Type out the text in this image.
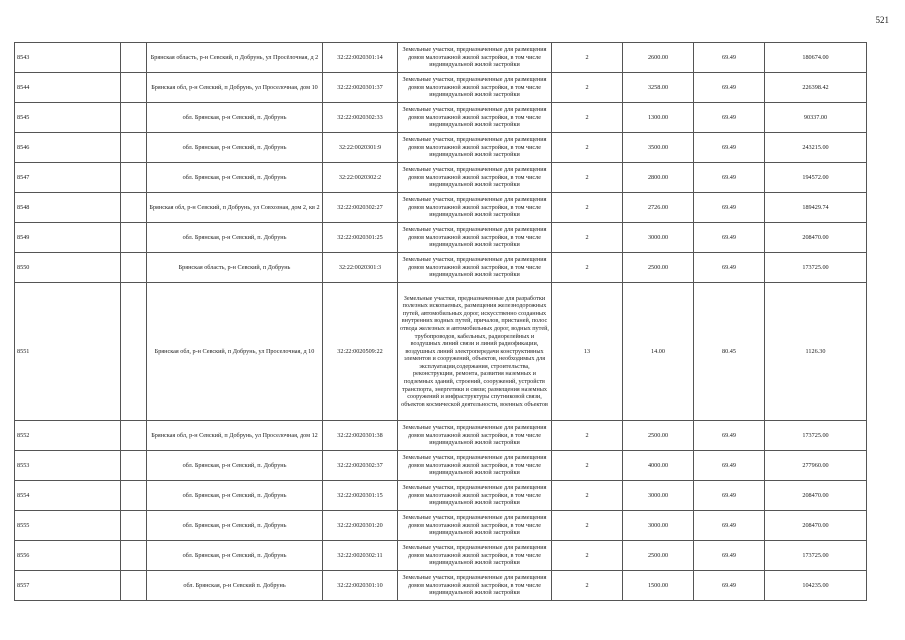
521
8543		Брянская область, р-н Севский, п Добрунь, ул Просёлочная, д 2	32:22:0020301:14	Земельные участки, предназначенные для размещения домов малоэтажной жилой застройки, в том числе индивидуальной жилой застройки	2	2600.00	69.49	180674.00
8544		Брянская обл, р-н Севский, п Добрунь, ул Проселочная, дом 10	32:22:0020301:37	Земельные участки, предназначенные для размещения домов малоэтажной жилой застройки, в том числе индивидуальной жилой застройки	2	3258.00	69.49	226398.42
8545		обл. Брянская, р-н Севский, п. Добрунь	32:22:0020302:33	Земельные участки, предназначенные для размещения домов малоэтажной жилой застройки, в том числе индивидуальной жилой застройки	2	1300.00	69.49	90337.00
8546		обл. Брянская, р-н Севский, п. Добрунь	32:22:0020301:9	Земельные участки, предназначенные для размещения домов малоэтажной жилой застройки, в том числе индивидуальной жилой застройки	2	3500.00	69.49	243215.00
8547		обл. Брянская, р-н Севский, п. Добрунь	32:22:0020302:2	Земельные участки, предназначенные для размещения домов малоэтажной жилой застройки, в том числе индивидуальной жилой застройки	2	2800.00	69.49	194572.00
8548		Брянская обл, р-н Севский, п Добрунь, ул Совхозная, дом 2, кв 2	32:22:0020302:27	Земельные участки, предназначенные для размещения домов малоэтажной жилой застройки, в том числе индивидуальной жилой застройки	2	2726.00	69.49	189429.74
8549		обл. Брянская, р-н Севский, п. Добрунь	32:22:0020301:25	Земельные участки, предназначенные для размещения домов малоэтажной жилой застройки, в том числе индивидуальной жилой застройки	2	3000.00	69.49	208470.00
8550		Брянская область, р-н Севский, п Добрунь	32:22:0020301:3	Земельные участки, предназначенные для размещения домов малоэтажной жилой застройки, в том числе индивидуальной жилой застройки	2	2500.00	69.49	173725.00
8551		Брянская обл, р-н Севский, п Добрунь, ул Проселочная, д 10	32:22:0020509:22	Земельные участки, предназначенные для разработки полезных ископаемых, размещения железнодорожных путей, автомобильных дорог, искусственно созданных внутренних водных путей, причалов, пристаней, полос отвода железных и автомобильных дорог, водных путей, трубопроводов, кабельных, радиорелейных и воздушных линий связи и линий радиофикации, воздушных линий электропередачи конструктивных элементов и сооружений, объектов, необходимых для эксплуатации,содержания, строительства, реконструкции, ремонта, развития наземных и подземных зданий, строений, сооружений, устройств транспорта, энергетики и связи; размещения наземных сооружений и инфраструктуры спутниковой связи, объектов космической деятельности, военных объектов	13	14.00	80.45	1126.30
8552		Брянская обл, р-н Севский, п Добрунь, ул Проселочная, дом 12	32:22:0020301:38	Земельные участки, предназначенные для размещения домов малоэтажной жилой застройки, в том числе индивидуальной жилой застройки	2	2500.00	69.49	173725.00
8553		обл. Брянская, р-н Севский, п. Добрунь	32:22:0020302:37	Земельные участки, предназначенные для размещения домов малоэтажной жилой застройки, в том числе индивидуальной жилой застройки	2	4000.00	69.49	277960.00
8554		обл. Брянская, р-н Севский, п. Добрунь	32:22:0020301:15	Земельные участки, предназначенные для размещения домов малоэтажной жилой застройки, в том числе индивидуальной жилой застройки	2	3000.00	69.49	208470.00
8555		обл. Брянская, р-н Севский, п. Добрунь	32:22:0020301:20	Земельные участки, предназначенные для размещения домов малоэтажной жилой застройки, в том числе индивидуальной жилой застройки	2	3000.00	69.49	208470.00
8556		обл. Брянская, р-н Севский, п. Добрунь	32:22:0020302:11	Земельные участки, предназначенные для размещения домов малоэтажной жилой застройки, в том числе индивидуальной жилой застройки	2	2500.00	69.49	173725.00
8557		обл. Брянская, р-н Севский п. Добрунь	32:22:0020301:10	Земельные участки, предназначенные для размещения домов малоэтажной жилой застройки, в том числе индивидуальной жилой застройки	2	1500.00	69.49	104235.00
